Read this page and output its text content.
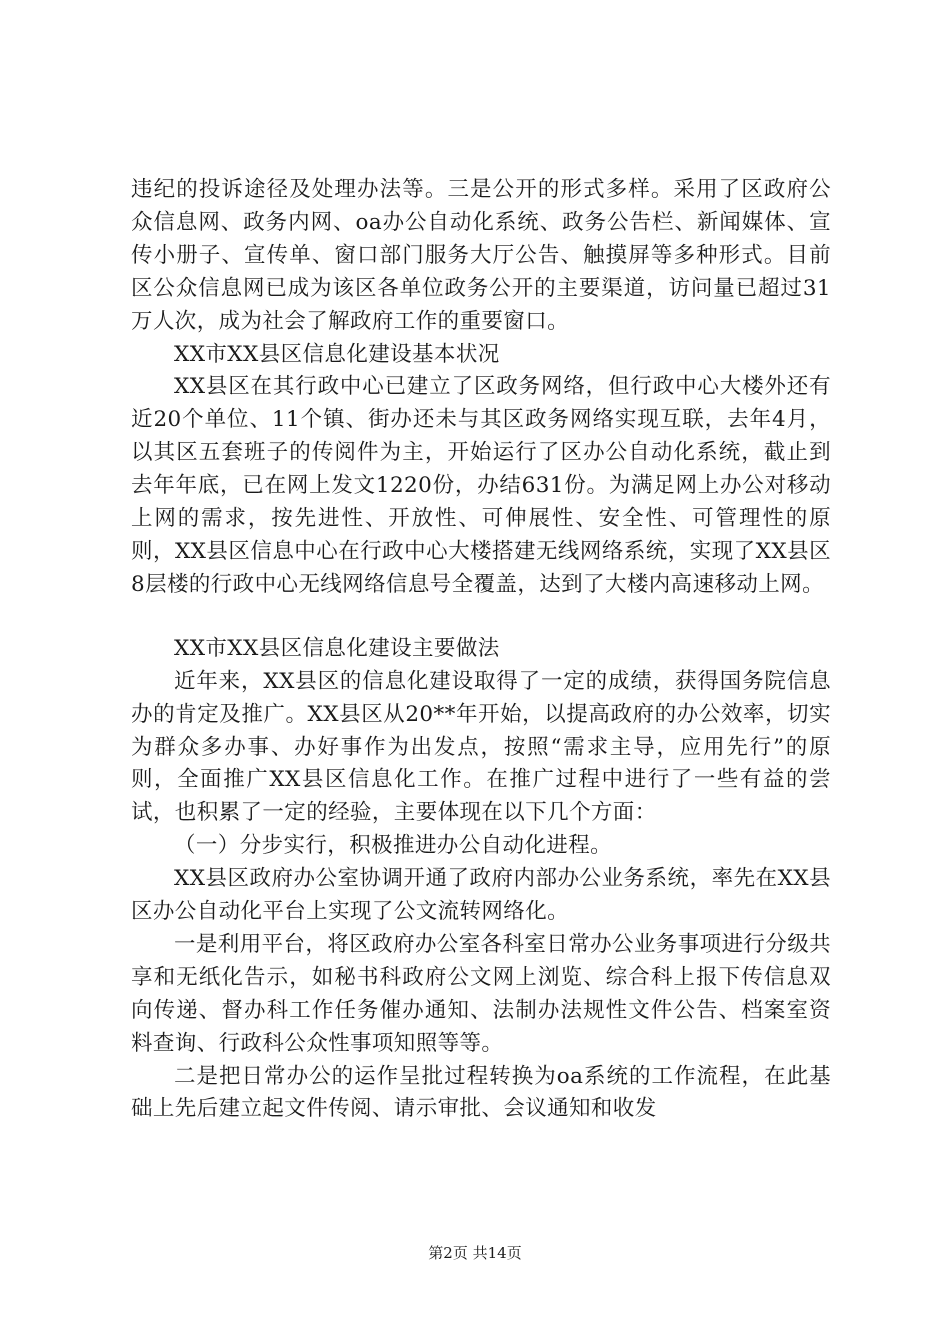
违纪的投诉途径及处理办法等。三是公开的形式多样。采用了区政府公众信息网、政务内网、oa办公自动化系统、政务公告栏、新闻媒体、宣传小册子、宣传单、窗口部门服务大厅公告、触摸屏等多种形式。目前区公众信息网已成为该区各单位政务公开的主要渠道，访问量已超过31万人次，成为社会了解政府工作的重要窗口。

XX市XX县区信息化建设基本状况

XX县区在其行政中心已建立了区政务网络，但行政中心大楼外还有近20个单位、11个镇、街办还未与其区政务网络实现互联，去年4月，以其区五套班子的传阅件为主，开始运行了区办公自动化系统，截止到去年年底，已在网上发文1220份，办结631份。为满足网上办公对移动上网的需求，按先进性、开放性、可伸展性、安全性、可管理性的原则，XX县区信息中心在行政中心大楼搭建无线网络系统，实现了XX县区8层楼的行政中心无线网络信息号全覆盖，达到了大楼内高速移动上网。

XX市XX县区信息化建设主要做法

近年来，XX县区的信息化建设取得了一定的成绩，获得国务院信息办的肯定及推广。XX县区从20**年开始，以提高政府的办公效率，切实为群众多办事、办好事作为出发点，按照“需求主导，应用先行”的原则，全面推广XX县区信息化工作。在推广过程中进行了一些有益的尝试，也积累了一定的经验，主要体现在以下几个方面：

（一）分步实行，积极推进办公自动化进程。

XX县区政府办公室协调开通了政府内部办公业务系统，率先在XX县区办公自动化平台上实现了公文流转网络化。

一是利用平台，将区政府办公室各科室日常办公业务事项进行分级共享和无纸化告示，如秘书科政府公文网上浏览、综合科上报下传信息双向传递、督办科工作任务催办通知、法制办法规性文件公告、档案室资料查询、行政科公众性事项知照等等。

二是把日常办公的运作呈批过程转换为oa系统的工作流程，在此基础上先后建立起文件传阅、请示审批、会议通知和收发

第2页 共14页
